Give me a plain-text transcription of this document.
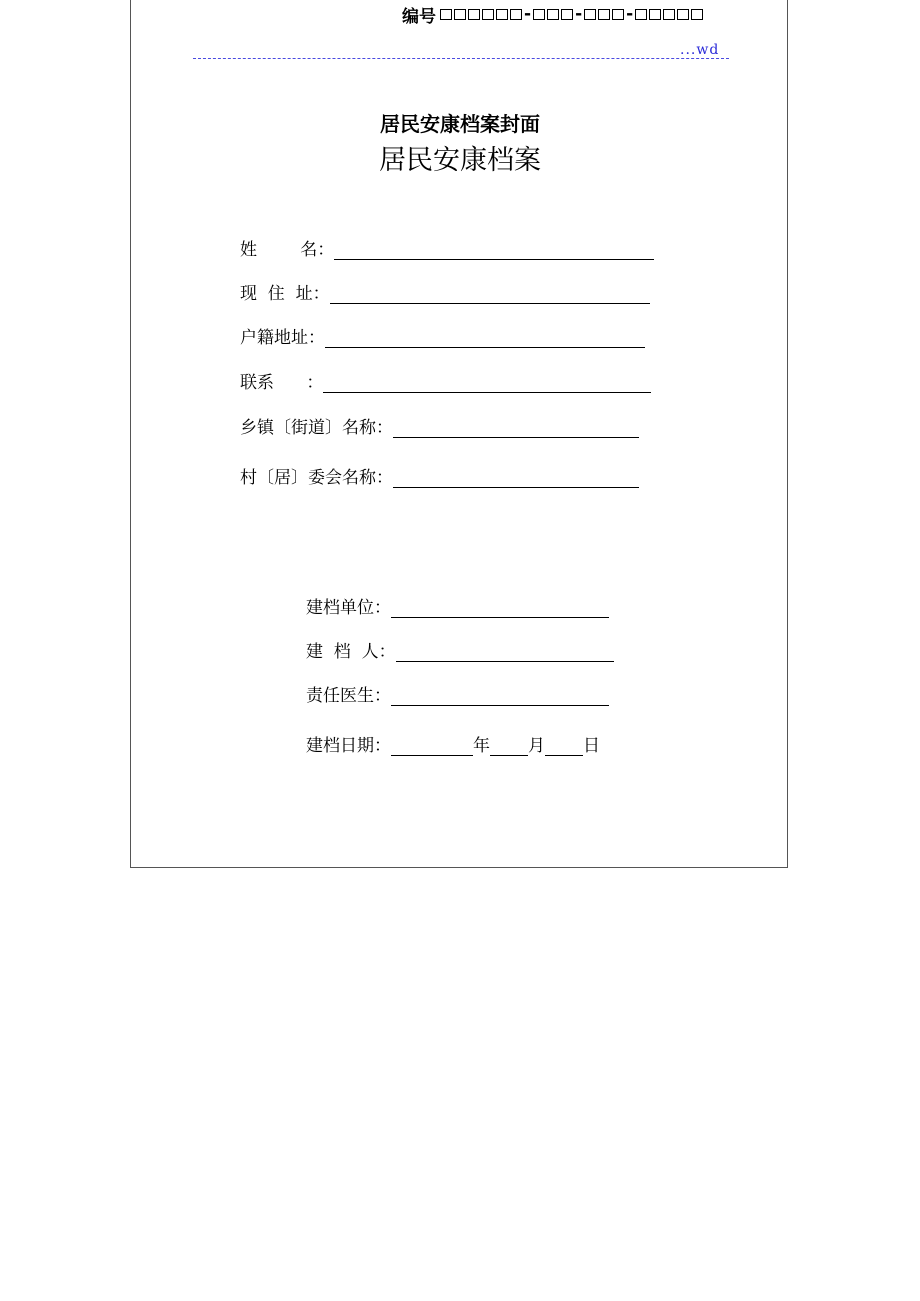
编号	-	-	-
...wd
居民安康档案封面
居民安康档案
姓        名：
现  住  址：
户籍地址：
联系      ：
乡镇〔街道〕名称：
村〔居〕委会名称：
建档单位：
建  档  人：
责任医生：
建档日期：	年 月 日
